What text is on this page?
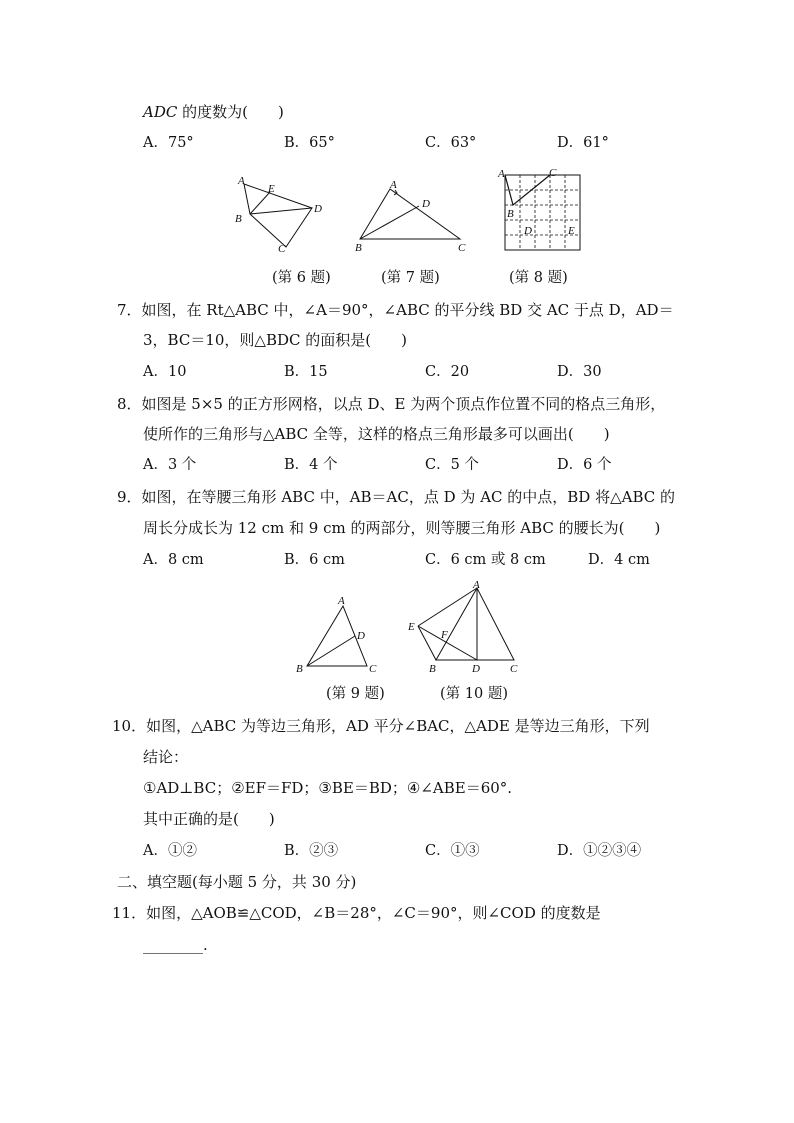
ADC 的度数为(　　)
A．75°	B．65°	C．63°	D．61°
A
E
B
D
C
A
D
B	C
A	C
B
D	E
(第 6 题)	(第 7 题)	(第 8 题)
7．如图，在 Rt△ABC 中，∠A＝90°，∠ABC 的平分线 BD 交 AC 于点 D，AD＝
3，BC＝10，则△BDC 的面积是(　　)
A．10	B．15	C．20	D．30
8．如图是 5×5 的正方形网格，以点 D、E 为两个顶点作位置不同的格点三角形，
使所作的三角形与△ABC 全等，这样的格点三角形最多可以画出(　　)
A．3 个	B．4 个	C．5 个	D．6 个
9．如图，在等腰三角形 ABC 中，AB＝AC，点 D 为 AC 的中点，BD 将△ABC 的
周长分成长为 12 cm 和 9 cm 的两部分，则等腰三角形 ABC 的腰长为(　　)
A．8 cm	B．6 cm	C．6 cm 或 8 cm	D．4 cm
A
D
B	C
A
E
F
B	D	C
(第 9 题)	(第 10 题)
10．如图，△ABC 为等边三角形，AD 平分∠BAC，△ADE 是等边三角形，下列
结论：
①AD⊥BC；②EF＝FD；③BE＝BD；④∠ABE＝60°.
其中正确的是(　　)
A．①②	B．②③	C．①③	D．①②③④
二、填空题(每小题 5 分，共 30 分)
11．如图，△AOB≌△COD，∠B＝28°，∠C＝90°，则∠COD 的度数是
________.
